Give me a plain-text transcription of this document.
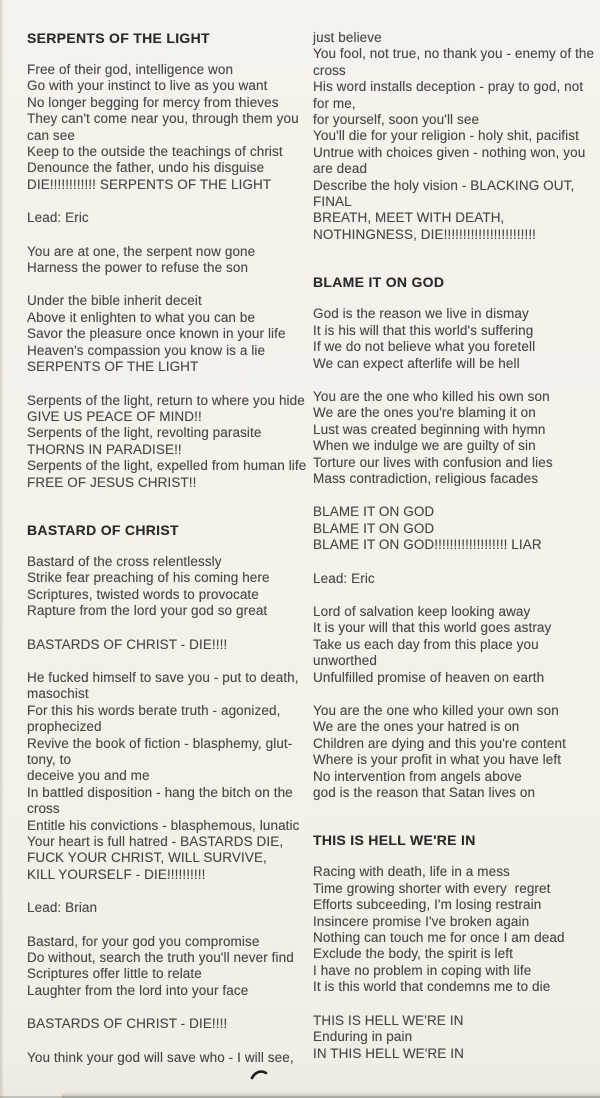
SERPENTS OF THE LIGHT
Free of their god, intelligence won
Go with your instinct to live as you want
No longer begging for mercy from thieves
They can't come near you, through them you
can see
Keep to the outside the teachings of christ
Denounce the father, undo his disguise
DIE!!!!!!!!!!!! SERPENTS OF THE LIGHT
Lead: Eric
You are at one, the serpent now gone
Harness the power to refuse the son
Under the bible inherit deceit
Above it enlighten to what you can be
Savor the pleasure once known in your life
Heaven's compassion you know is a lie
SERPENTS OF THE LIGHT
Serpents of the light, return to where you hide
GIVE US PEACE OF MIND!!
Serpents of the light, revolting parasite
THORNS IN PARADISE!!
Serpents of the light, expelled from human life
FREE OF JESUS CHRIST!!
BASTARD OF CHRIST
Bastard of the cross relentlessly
Strike fear preaching of his coming here
Scriptures, twisted words to provocate
Rapture from the lord your god so great
BASTARDS OF CHRIST - DIE!!!!
He fucked himself to save you - put to death,
masochist
For this his words berate truth - agonized,
prophecized
Revive the book of fiction - blasphemy, glut-
tony, to
deceive you and me
In battled disposition - hang the bitch on the
cross
Entitle his convictions - blasphemous, lunatic
Your heart is full hatred - BASTARDS DIE,
FUCK YOUR CHRIST, WILL SURVIVE,
KILL YOURSELF - DIE!!!!!!!!!!
Lead: Brian
Bastard, for your god you compromise
Do without, search the truth you'll never find
Scriptures offer little to relate
Laughter from the lord into your face
BASTARDS OF CHRIST - DIE!!!!
You think your god will save who - I will see,
just believe
You fool, not true, no thank you - enemy of the
cross
His word installs deception - pray to god, not
for me,
for yourself, soon you'll see
You'll die for your religion - holy shit, pacifist
Untrue with choices given - nothing won, you
are dead
Describe the holy vision - BLACKING OUT,
FINAL
BREATH, MEET WITH DEATH,
NOTHINGNESS, DIE!!!!!!!!!!!!!!!!!!!!!!!!
BLAME IT ON GOD
God is the reason we live in dismay
It is his will that this world's suffering
If we do not believe what you foretell
We can expect afterlife will be hell
You are the one who killed his own son
We are the ones you're blaming it on
Lust was created beginning with hymn
When we indulge we are guilty of sin
Torture our lives with confusion and lies
Mass contradiction, religious facades
BLAME IT ON GOD
BLAME IT ON GOD
BLAME IT ON GOD!!!!!!!!!!!!!!!!!!! LIAR
Lead: Eric
Lord of salvation keep looking away
It is your will that this world goes astray
Take us each day from this place you
unworthed
Unfulfilled promise of heaven on earth
You are the one who killed your own son
We are the ones your hatred is on
Children are dying and this you're content
Where is your profit in what you have left
No intervention from angels above
god is the reason that Satan lives on
THIS IS HELL WE'RE IN
Racing with death, life in a mess
Time growing shorter with every  regret
Efforts subceeding, I'm losing restrain
Insincere promise I've broken again
Nothing can touch me for once I am dead
Exclude the body, the spirit is left
I have no problem in coping with life
It is this world that condemns me to die
THIS IS HELL WE'RE IN
Enduring in pain
IN THIS HELL WE'RE IN
